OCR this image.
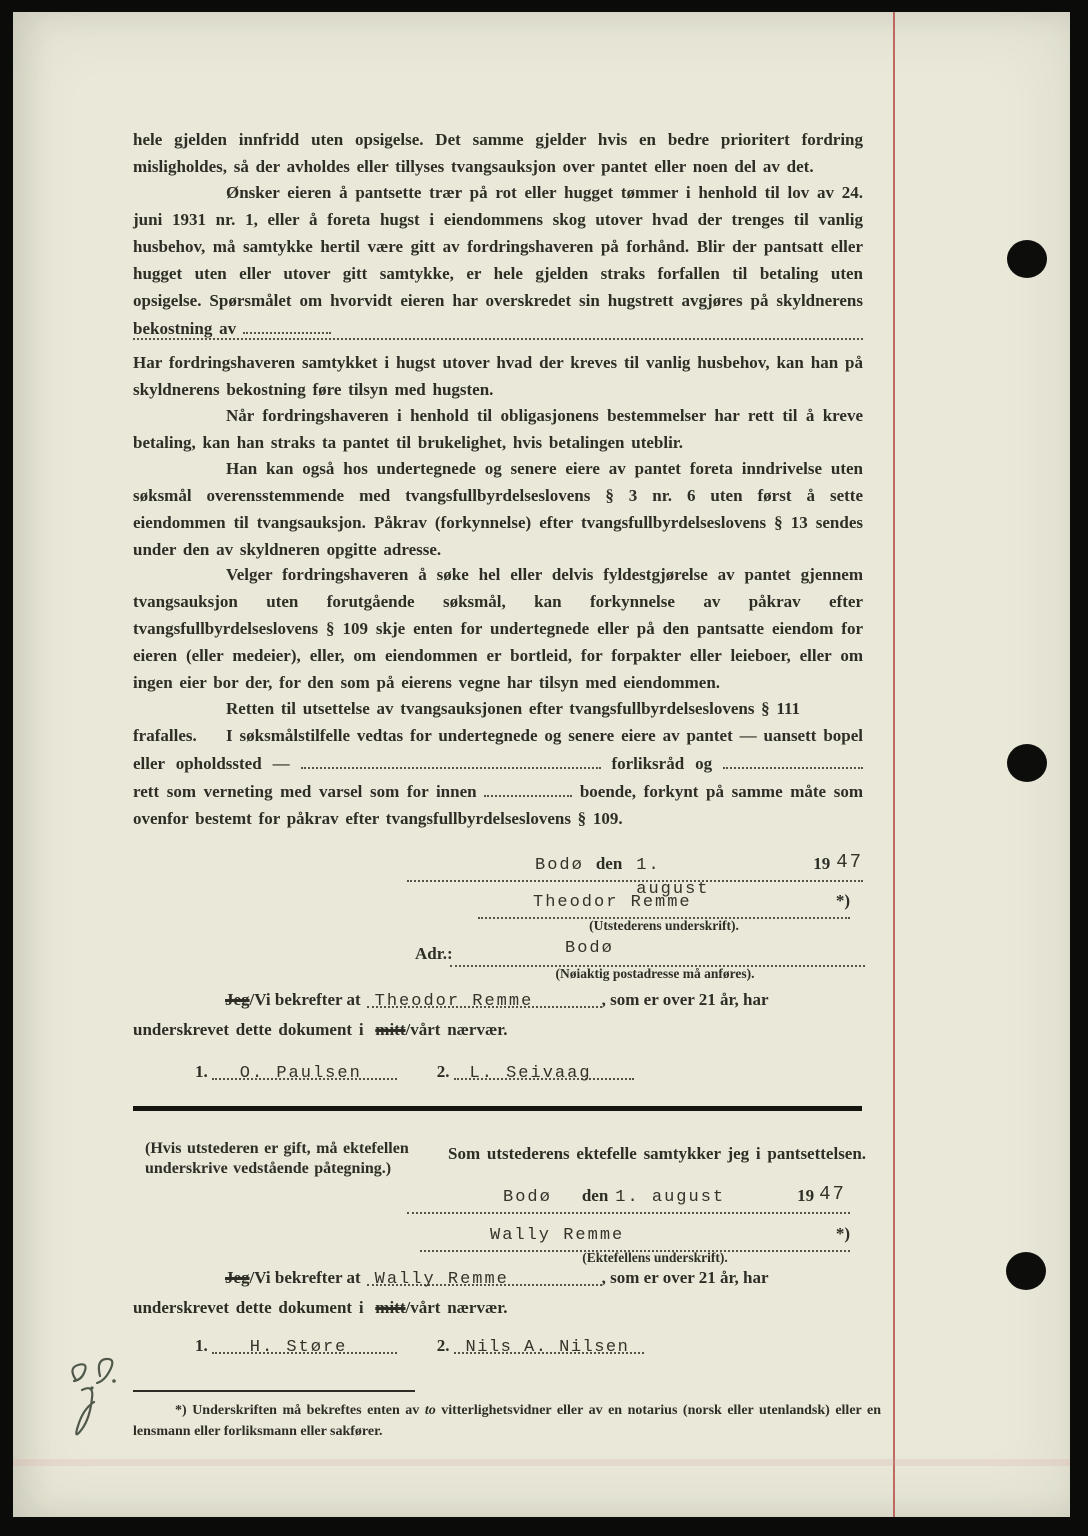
hele gjelden innfridd uten opsigelse. Det samme gjelder hvis en bedre prioritert fordring misligholdes, så der avholdes eller tillyses tvangsauksjon over pantet eller noen del av det.
Ønsker eieren å pantsette trær på rot eller hugget tømmer i henhold til lov av 24. juni 1931 nr. 1, eller å foreta hugst i eiendommens skog utover hvad der trenges til vanlig husbehov, må samtykke hertil være gitt av fordringshaveren på forhånd. Blir der pantsatt eller hugget uten eller utover gitt samtykke, er hele gjelden straks forfallen til betaling uten opsigelse. Spørsmålet om hvorvidt eieren har overskredet sin hugstrett avgjøres på skyldnerens bekostning av
Har fordringshaveren samtykket i hugst utover hvad der kreves til vanlig husbehov, kan han på skyldnerens bekostning føre tilsyn med hugsten.
Når fordringshaveren i henhold til obligasjonens bestemmelser har rett til å kreve betaling, kan han straks ta pantet til brukelighet, hvis betalingen uteblir.
Han kan også hos undertegnede og senere eiere av pantet foreta inndrivelse uten søksmål overensstemmende med tvangsfullbyrdelseslovens § 3 nr. 6 uten først å sette eiendommen til tvangsauksjon. Påkrav (forkynnelse) efter tvangsfullbyrdelseslovens § 13 sendes under den av skyldneren opgitte adresse.
Velger fordringshaveren å søke hel eller delvis fyldestgjørelse av pantet gjennem tvangsauksjon uten forutgående søksmål, kan forkynnelse av påkrav efter tvangsfullbyrdelseslovens § 109 skje enten for undertegnede eller på den pantsatte eiendom for eieren (eller medeier), eller, om eiendommen er bortleid, for forpakter eller leieboer, eller om ingen eier bor der, for den som på eierens vegne har tilsyn med eiendommen.
Retten til utsettelse av tvangsauksjonen efter tvangsfullbyrdelseslovens § 111 frafalles.	I søksmålstilfelle vedtas for undertegnede og senere eiere av pantet — uansett bopel eller opholdssted —	forliksråd og  rett som verneting med varsel som for innen	boende, forkynt på samme måte som ovenfor bestemt for påkrav efter tvangsfullbyrdelseslovens § 109.
Bodø den 1. august
19 47
Theodor Remme	*)
(Utstederens underskrift).
Adr.:	Bodø
(Nøiaktig postadresse må anføres).
Jeg /Vi bekrefter at Theodor Remme	, som er over 21 år, har
underskrevet dette dokument i mitt/vårt nærvær.
1.	O. Paulsen	2.	L. Seivaag
(Hvis utstederen er gift, må ektefellen underskrive vedstående påtegning.)
Som utstederens ektefelle samtykker jeg i pantsettelsen.
Bodø den 1. august	19 47
Wally Remme	*)
(Ektefellens underskrift).
Jeg /Vi bekrefter at Wally Remme	, som er over 21 år, har
underskrevet dette dokument i mitt/vårt nærvær.
1.	H. Støre	2. Nils A. Nilsen
*) Underskriften må bekreftes enten av to vitterlighetsvidner eller av en notarius (norsk eller utenlandsk) eller en lensmann eller forliksmann eller sakfører.
